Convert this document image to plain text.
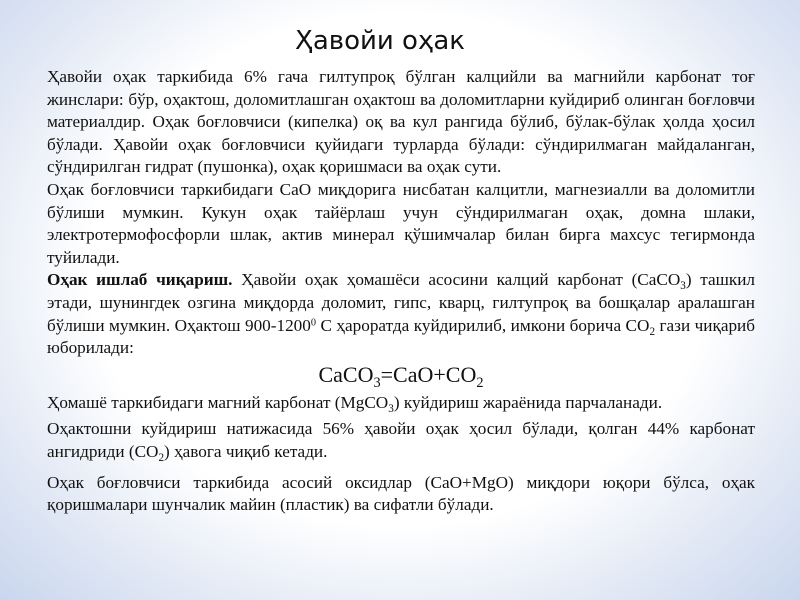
Ҳавойи оҳак

Ҳавойи оҳак таркибида 6% гача гилтупроқ бўлган калцийли ва магнийли карбонат тоғ жинслари: бўр, оҳактош, доломитлашган оҳактош ва доломитларни куйдириб олинган боғловчи материалдир. Оҳак боғловчиси (кипелка) оқ ва кул рангида бўлиб, бўлак-бўлак ҳолда ҳосил бўлади. Ҳавойи оҳак боғловчиси қуйидаги турларда бўлади: сўндирилмаган майдаланган, сўндирилган гидрат (пушонка), оҳак қоришмаси ва оҳак сути.

Оҳак боғловчиси таркибидаги CaO миқдорига нисбатан калцитли, магнезиалли ва доломитли бўлиши мумкин. Кукун оҳак тайёрлаш учун сўндирилмаган оҳак, домна шлаки, электротермофосфорли шлак, актив минерал қўшимчалар билан бирга махсус тегирмонда туйилади.

Оҳак ишлаб чиқариш. Ҳавойи оҳак ҳомашёси асосини калций карбонат (CaCO$_3$) ташкил этади, шунингдек озгина миқдорда доломит, гипс, кварц, гилтупроқ ва бошқалар аралашган бўлиши мумкин. Оҳактош 900-1200$^0$ С ҳароратда куйдирилиб, имкони борича $CO_2$ гази чиқариб юборилади:

$CaCO_3=CaO+CO_2$

Ҳомашё таркибидаги магний карбонат (MgCO$_3$) куйдириш жараёнида парчаланади.

Оҳактошни куйдириш натижасида 56% ҳавойи оҳак ҳосил бўлади, қолган 44% карбонат ангидриди $(CO_2)$ ҳавога чиқиб кетади.

Оҳак боғловчиси таркибида асосий оксидлар (CaO+MgO) миқдори юқори бўлса, оҳак қоришмалари шунчалик майин (пластик) ва сифатли бўлади.
